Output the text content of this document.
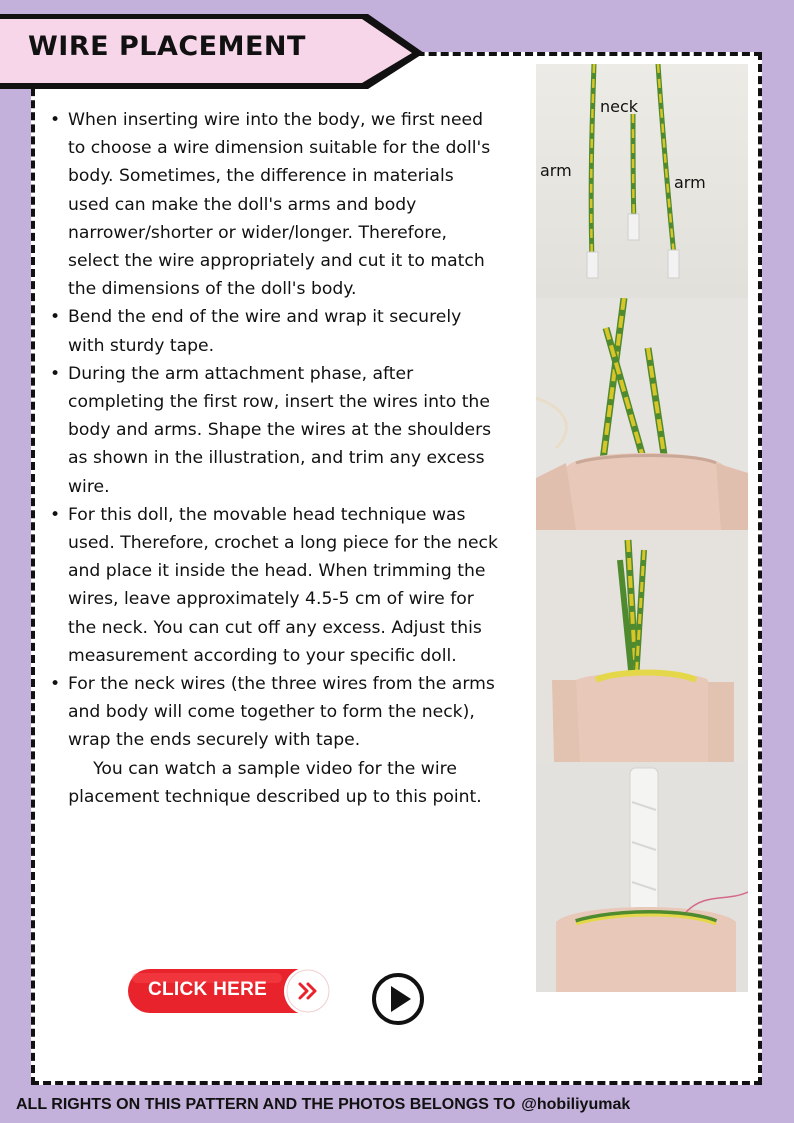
WIRE PLACEMENT
• When inserting wire into the body, we first need to choose a wire dimension suitable for the doll's body. Sometimes, the difference in materials used can make the doll's arms and body narrower/shorter or wider/longer. Therefore, select the wire appropriately and cut it to match the dimensions of the doll's body.
• Bend the end of the wire and wrap it securely with sturdy tape.
• During the arm attachment phase, after completing the first row, insert the wires into the body and arms. Shape the wires at the shoulders as shown in the illustration, and trim any excess wire.
• For this doll, the movable head technique was used. Therefore, crochet a long piece for the neck and place it inside the head. When trimming the wires, leave approximately 4.5-5 cm of wire for the neck. You can cut off any excess. Adjust this measurement according to your specific doll.
• For the neck wires (the three wires from the arms and body will come together to form the neck), wrap the ends securely with tape.

You can watch a sample video for the wire placement technique described up to this point.

CLICK HERE
neck
arm
arm
ALL RIGHTS ON THIS PATTERN AND THE PHOTOS BELONGS TO @hobiliyumak
